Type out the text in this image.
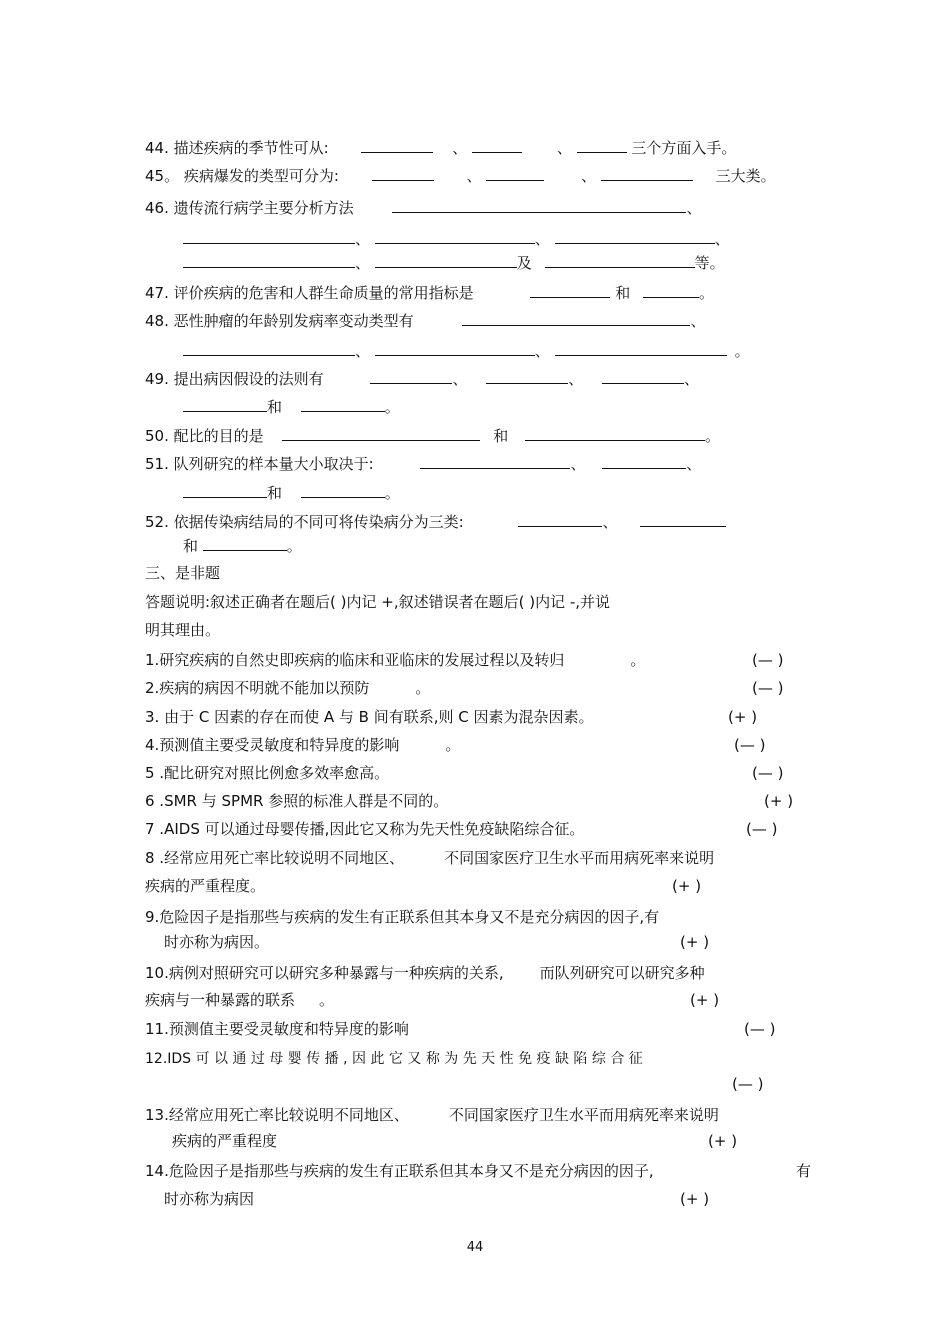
44. 描述疾病的季节性可从:	、	、	三个方面入手。
45。 疾病爆发的类型可分为:	、	、	三大类。
46. 遗传流行病学主要分析方法	、
、	、	、
、	及	等。
47. 评价疾病的危害和人群生命质量的常用指标是	和	。
48. 恶性肿瘤的年龄别发病率变动类型有	、
、	、	。
49. 提出病因假设的法则有	、	、	、
和	。
50. 配比的目的是	和	。
51. 队列研究的样本量大小取决于:	、	、
和	。
52. 依据传染病结局的不同可将传染病分为三类:	、
和	。
三、是非题
答题说明:叙述正确者在题后( )内记 +,叙述错误者在题后( )内记 -,并说
明其理由。
1.研究疾病的自然史即疾病的临床和亚临床的发展过程以及转归	。	(— )
2.疾病的病因不明就不能加以预防	。	(— )
3. 由于 C 因素的存在而使 A 与 B 间有联系,则 C 因素为混杂因素。	(+ )
4.预测值主要受灵敏度和特异度的影响	。	(— )
5 .配比研究对照比例愈多效率愈高。	(— )
6 .SMR 与 SPMR 参照的标准人群是不同的。	(+ )
7 .AIDS 可以通过母婴传播,因此它又称为先天性免疫缺陷综合征。	(— )
8 .经常应用死亡率比较说明不同地区、	不同国家医疗卫生水平而用病死率来说明
疾病的严重程度。	(+ )
9.危险因子是指那些与疾病的发生有正联系但其本身又不是充分病因的因子,有
时亦称为病因。	(+ )
10.病例对照研究可以研究多种暴露与一种疾病的关系, 而队列研究可以研究多种
疾病与一种暴露的联系 。	(+ )
11.预测值主要受灵敏度和特异度的影响	(— )
12.IDS 可 以 通 过 母 婴 传 播 , 因 此 它 又 称 为 先 天 性 免 疫 缺 陷 综 合 征
(— )
13.经常应用死亡率比较说明不同地区、	不同国家医疗卫生水平而用病死率来说明
疾病的严重程度	(+ )
14.危险因子是指那些与疾病的发生有正联系但其本身又不是充分病因的因子,	有
时亦称为病因	(+ )
44
